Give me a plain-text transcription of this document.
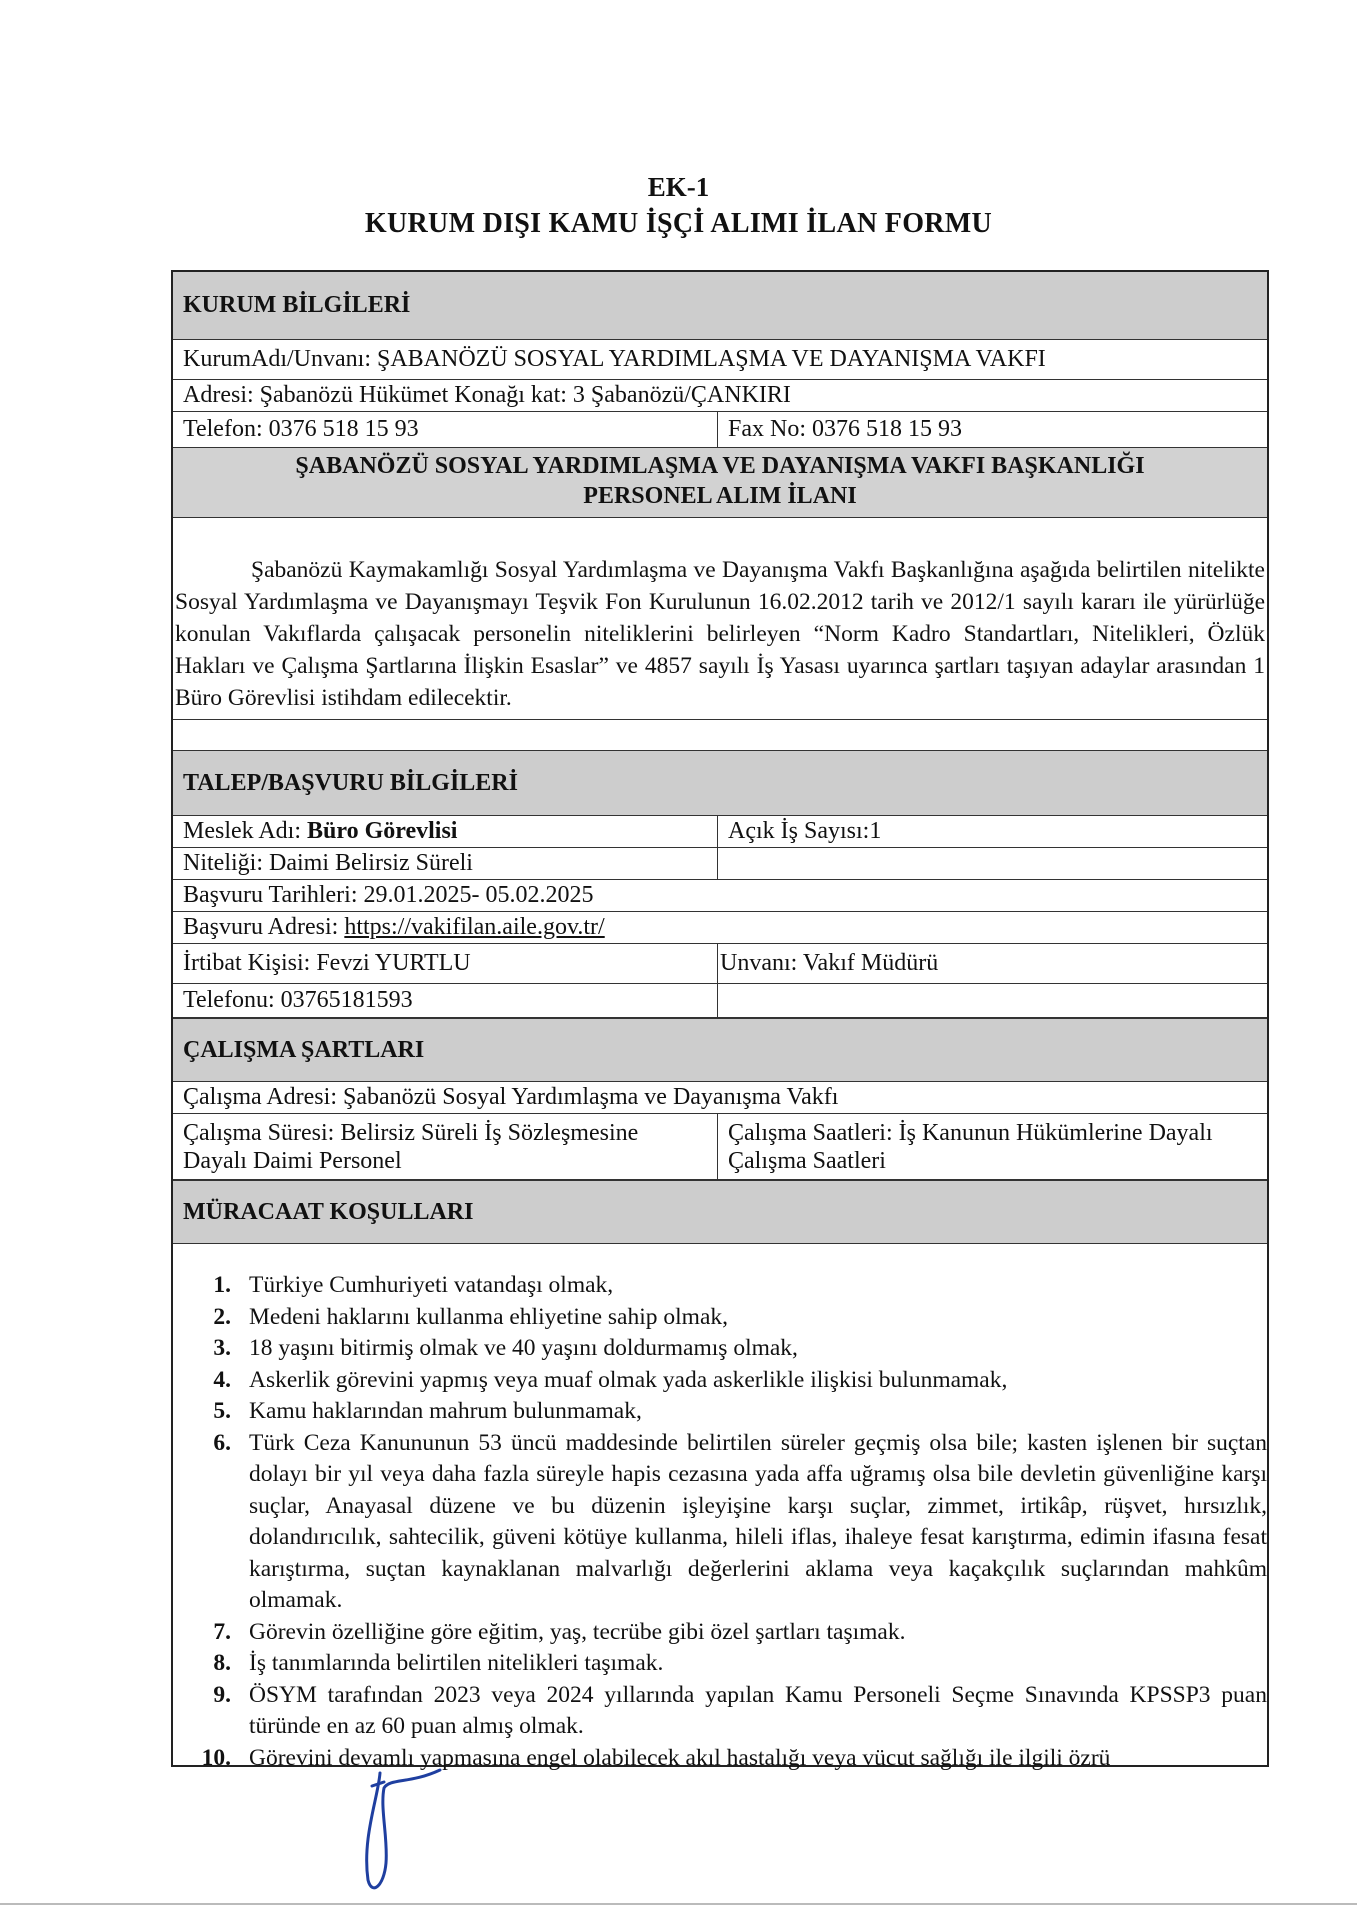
EK-1
KURUM DIŞI KAMU İŞÇİ ALIMI İLAN FORMU
KURUM BİLGİLERİ
KurumAdı/Unvanı: ŞABANÖZÜ SOSYAL YARDIMLAŞMA VE DAYANIŞMA VAKFI
Adresi: Şabanözü Hükümet Konağı kat: 3 Şabanözü/ÇANKIRI
Telefon: 0376 518 15 93	Fax No: 0376 518 15 93
ŞABANÖZÜ SOSYAL YARDIMLAŞMA VE DAYANIŞMA VAKFI BAŞKANLIĞI
PERSONEL ALIM İLANI
Şabanözü Kaymakamlığı Sosyal Yardımlaşma ve Dayanışma Vakfı Başkanlığına aşağıda belirtilen nitelikte Sosyal Yardımlaşma ve Dayanışmayı Teşvik Fon Kurulunun 16.02.2012 tarih ve 2012/1 sayılı kararı ile yürürlüğe konulan Vakıflarda çalışacak personelin niteliklerini belirleyen “Norm Kadro Standartları, Nitelikleri, Özlük Hakları ve Çalışma Şartlarına İlişkin Esaslar” ve 4857 sayılı İş Yasası uyarınca şartları taşıyan adaylar arasından 1 Büro Görevlisi istihdam edilecektir.
TALEP/BAŞVURU BİLGİLERİ
Meslek Adı:
Büro Görevlisi	Açık İş Sayısı:1
Niteliği: Daimi Belirsiz Süreli
Başvuru Tarihleri: 29.01.2025- 05.02.2025
Başvuru Adresi:
https://vakifilan.aile.gov.tr/
İrtibat Kişisi: Fevzi YURTLU	Unvanı: Vakıf Müdürü
Telefonu: 03765181593
ÇALIŞMA ŞARTLARI
Çalışma Adresi: Şabanözü Sosyal Yardımlaşma ve Dayanışma Vakfı
Çalışma Süresi: Belirsiz Süreli İş Sözleşmesine Dayalı Daimi Personel
Çalışma Saatleri: İş Kanunun Hükümlerine Dayalı Çalışma Saatleri
MÜRACAAT KOŞULLARI
1. Türkiye Cumhuriyeti vatandaşı olmak,
2. Medeni haklarını kullanma ehliyetine sahip olmak,
3. 18 yaşını bitirmiş olmak ve 40 yaşını doldurmamış olmak,
4. Askerlik görevini yapmış veya muaf olmak yada askerlikle ilişkisi bulunmamak,
5. Kamu haklarından mahrum bulunmamak,
6. Türk Ceza Kanununun 53 üncü maddesinde belirtilen süreler geçmiş olsa bile; kasten işlenen bir suçtan dolayı bir yıl veya daha fazla süreyle hapis cezasına yada affa uğramış olsa bile devletin güvenliğine karşı suçlar, Anayasal düzene ve bu düzenin işleyişine karşı suçlar, zimmet, irtikâp, rüşvet, hırsızlık, dolandırıcılık, sahtecilik, güveni kötüye kullanma, hileli iflas, ihaleye fesat karıştırma, edimin ifasına fesat karıştırma, suçtan kaynaklanan malvarlığı değerlerini aklama veya kaçakçılık suçlarından mahkûm olmamak.
7. Görevin özelliğine göre eğitim, yaş, tecrübe gibi özel şartları taşımak.
8. İş tanımlarında belirtilen nitelikleri taşımak.
9. ÖSYM tarafından 2023 veya 2024 yıllarında yapılan Kamu Personeli Seçme Sınavında KPSSP3 puan türünde en az 60 puan almış olmak.
10. Görevini devamlı yapmasına engel olabilecek akıl hastalığı veya vücut sağlığı ile ilgili özrü
